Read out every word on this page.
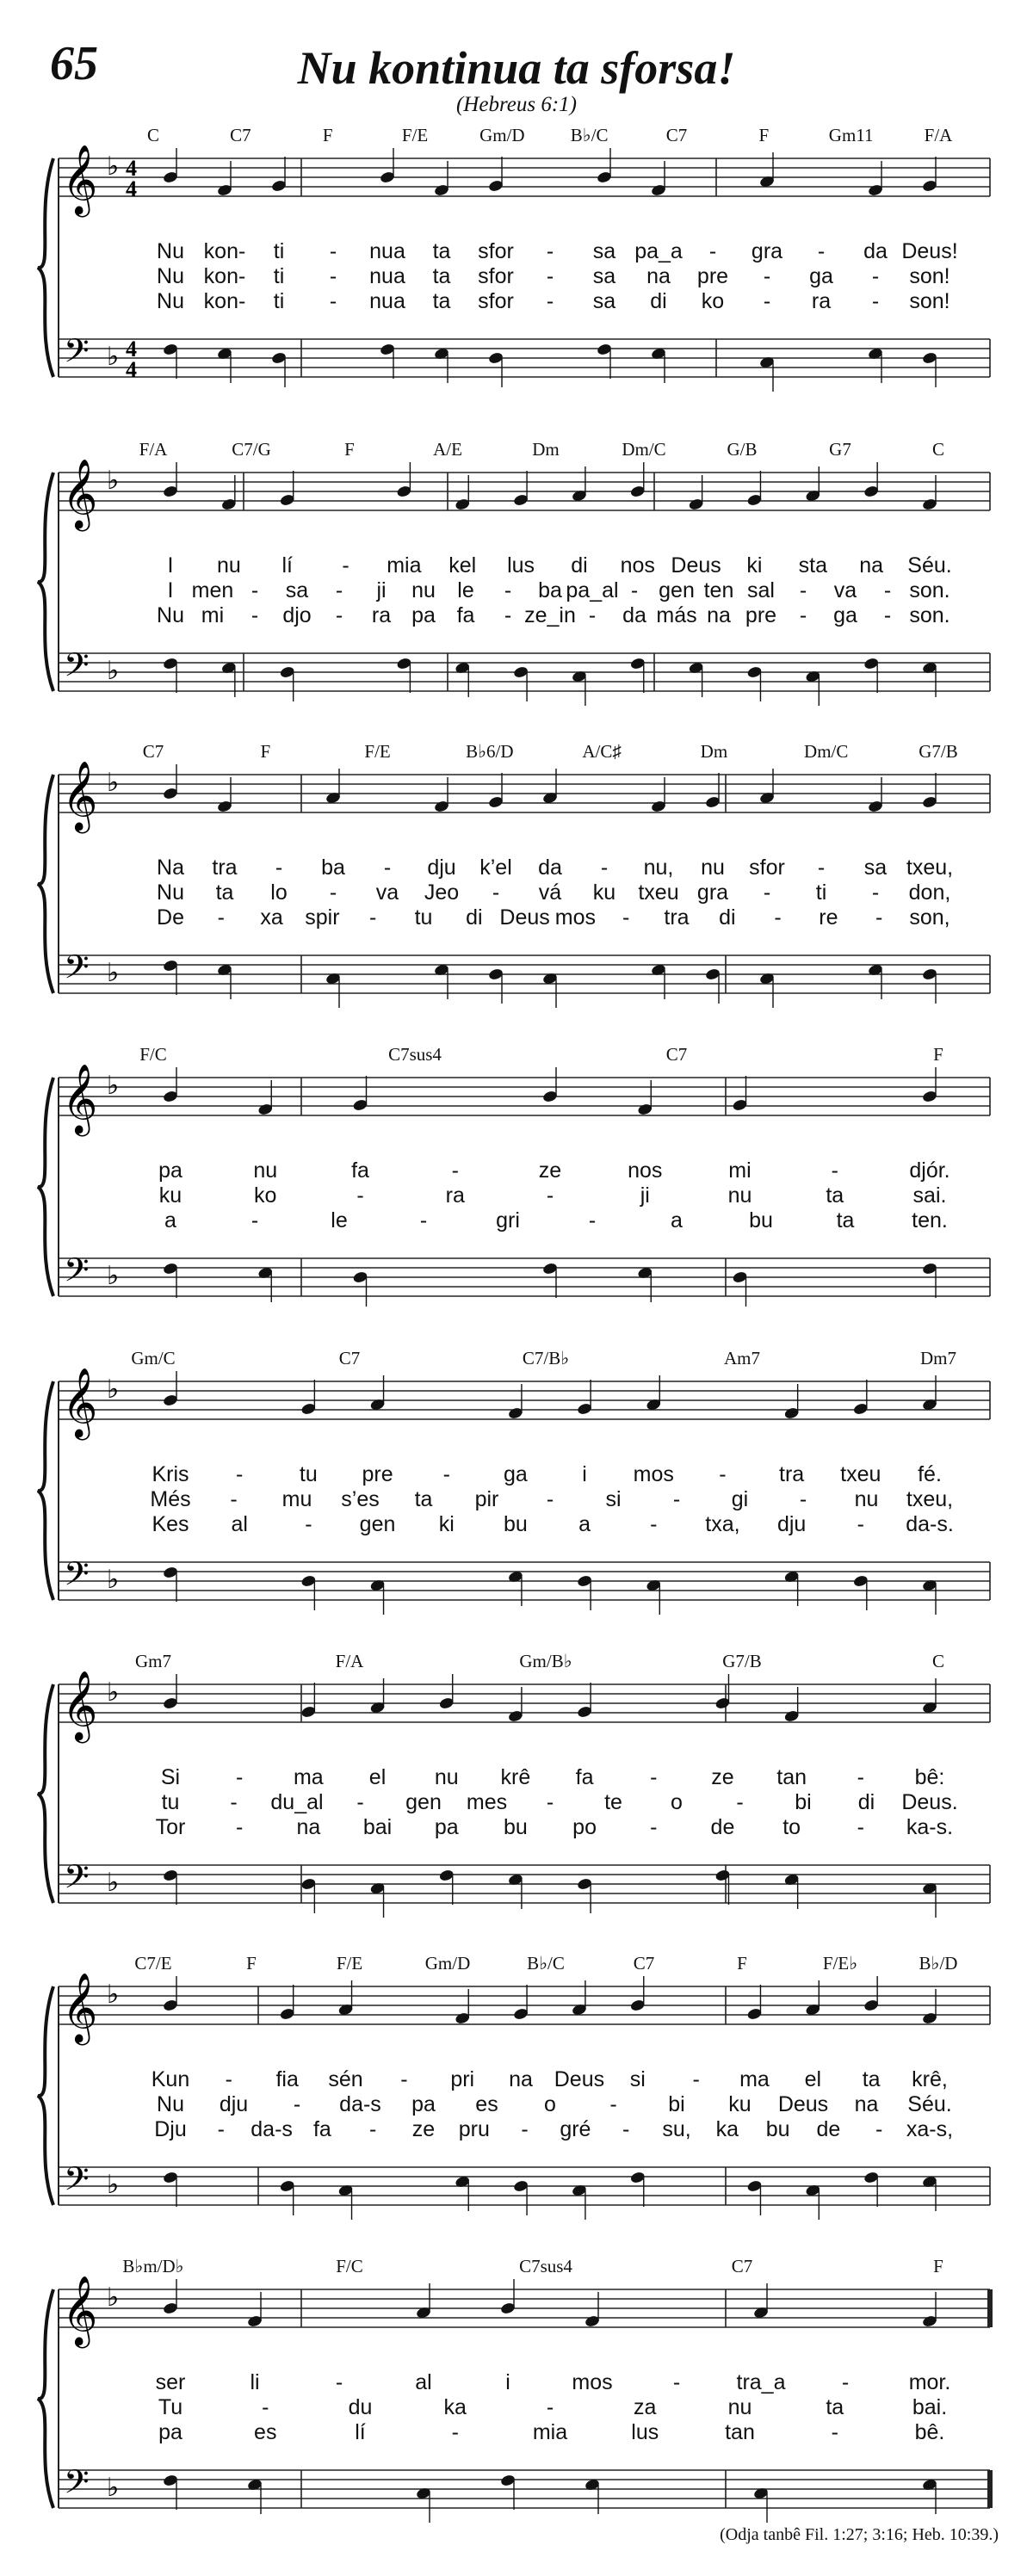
65	Nu kontinua ta sforsa!
(Hebreus 6:1)
𝄞 ♭ 4
4
𝄢 ♭ 4
4
C	C7	F	F/E	Gm/D	B♭/C	C7	F	Gm11	F/A
Nu kon- ti - nua ta sfor - sa pa_a - gra - da Deus!
Nu kon- ti - nua ta sfor - sa na pre - ga - son!
Nu kon- ti - nua ta sfor - sa di ko - ra - son!
𝄞 ♭
𝄢 ♭
F/A	C7/G	F	A/E	Dm	Dm/C	G/B	G7	C
I nu lí - mia kel lus di nos Deus ki sta na Séu.
I men - sa - ji nu le - ba pa_al - gen ten sal - va - son.
Nu mi - djo - ra pa fa - ze_in - da más na pre - ga - son.
𝄞 ♭
𝄢 ♭
C7	F	F/E	B♭6/D	A/C♯	Dm	Dm/C	G7/B
Na tra - ba - dju k’el da - nu, nu sfor - sa txeu,
Nu ta lo - va Jeo - vá ku txeu gra - ti - don,
De - xa spir - tu di Deus mos - tra di - re - son,
𝄞 ♭
𝄢 ♭
F/C	C7sus4	C7	F
pa	nu	fa	-	ze	nos	mi	-	djór.
ku	ko	-	ra	-	ji	nu	ta	sai.
a	-	le	-	gri	-	a	bu	ta	ten.
𝄞 ♭
𝄢 ♭
Gm/C	C7	C7/B♭	Am7	Dm7
Kris -	tu pre - ga	i mos - tra txeu fé.
Més - mu s’es ta pir - si - gi - nu txeu,
Kes al	- gen ki bu a	- txa, dju - da-s.
𝄞 ♭
𝄢 ♭
Gm7	F/A	Gm/B♭	G7/B	C
Si	- ma el nu krê fa	-	ze tan - bê:
tu - du_al - gen mes - te o - bi di Deus.
Tor - na bai pa bu po - de to	- ka-s.
𝄞 ♭
𝄢 ♭
C7/E	F	F/E	Gm/D	B♭/C	C7	F	F/E♭	B♭/D
Kun - fia sén - pri na Deus si - ma el ta krê,
Nu dju - da-s pa es o - bi ku Deus na Séu.
Dju - da-s fa - ze pru - gré - su, ka bu de - xa-s,
𝄞 ♭
𝄢 ♭
B♭m/D♭	F/C	C7sus4	C7	F
ser	li	-	al	i	mos	-	tra_a	-	mor.
Tu	-	du	ka	-	za	nu	ta	bai.
pa	es	lí	-	mia	lus	tan	-	bê.
(Odja tanbê Fil. 1:27; 3:16; Heb. 10:39.)
